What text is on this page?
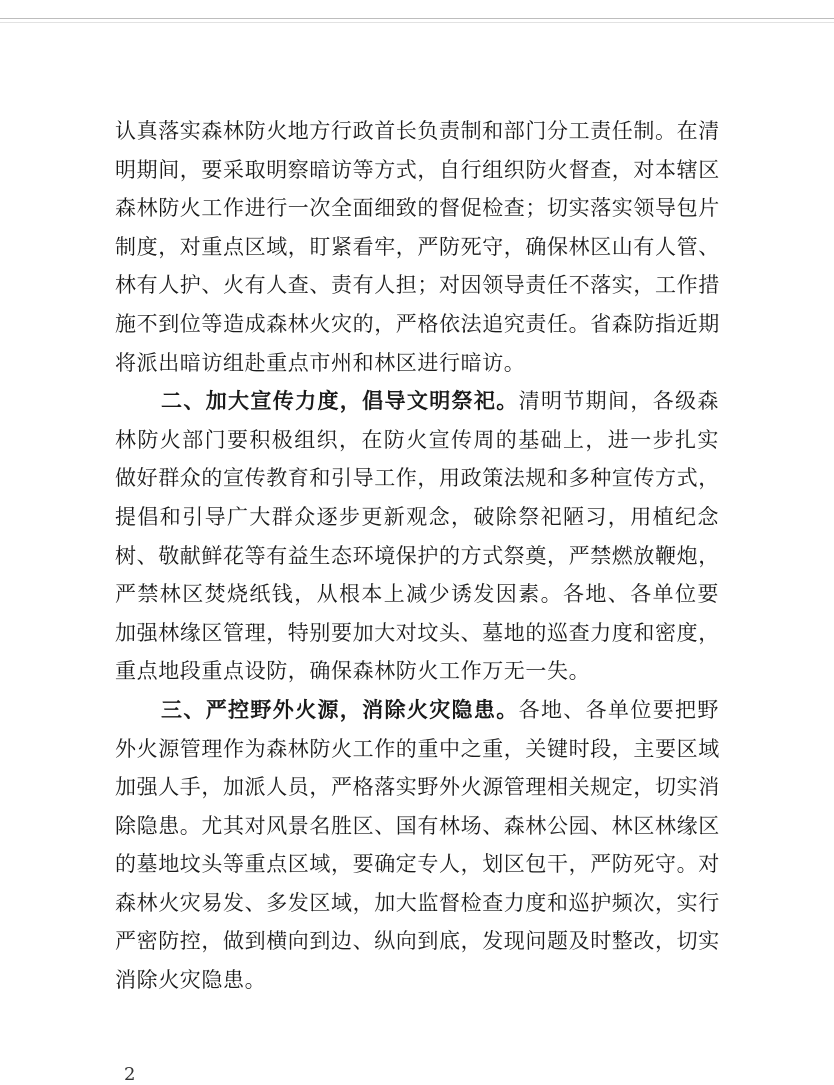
认真落实森林防火地方行政首长负责制和部门分工责任制。在清
明期间，要采取明察暗访等方式，自行组织防火督查，对本辖区
森林防火工作进行一次全面细致的督促检查；切实落实领导包片
制度，对重点区域，盯紧看牢，严防死守，确保林区山有人管、
林有人护、火有人查、责有人担；对因领导责任不落实，工作措
施不到位等造成森林火灾的，严格依法追究责任。省森防指近期
将派出暗访组赴重点市州和林区进行暗访。
二、加大宣传力度，倡导文明祭祀。清明节期间，各级森
林防火部门要积极组织，在防火宣传周的基础上，进一步扎实
做好群众的宣传教育和引导工作，用政策法规和多种宣传方式，
提倡和引导广大群众逐步更新观念，破除祭祀陋习，用植纪念
树、敬献鲜花等有益生态环境保护的方式祭奠，严禁燃放鞭炮，
严禁林区焚烧纸钱，从根本上减少诱发因素。各地、各单位要
加强林缘区管理，特别要加大对坟头、墓地的巡查力度和密度，
重点地段重点设防，确保森林防火工作万无一失。
三、严控野外火源，消除火灾隐患。各地、各单位要把野
外火源管理作为森林防火工作的重中之重，关键时段，主要区域
加强人手，加派人员，严格落实野外火源管理相关规定，切实消
除隐患。尤其对风景名胜区、国有林场、森林公园、林区林缘区
的墓地坟头等重点区域，要确定专人，划区包干，严防死守。对
森林火灾易发、多发区域，加大监督检查力度和巡护频次，实行
严密防控，做到横向到边、纵向到底，发现问题及时整改，切实
消除火灾隐患。
2
